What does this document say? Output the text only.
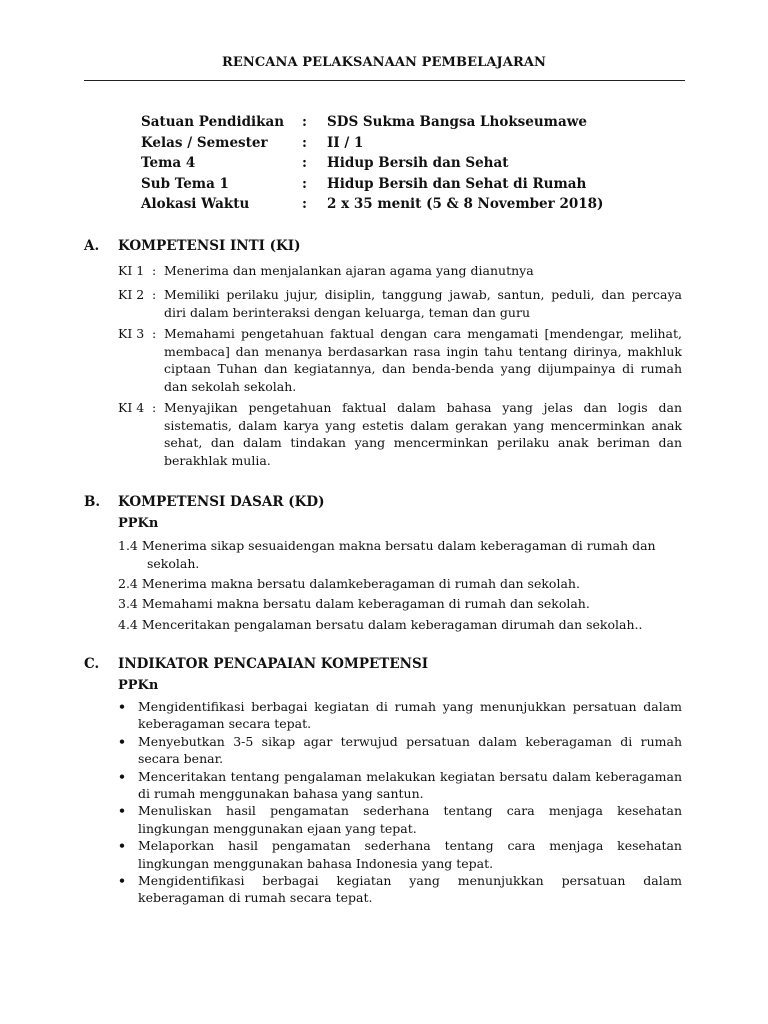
RENCANA PELAKSANAAN PEMBELAJARAN
Satuan Pendidikan : SDS Sukma Bangsa Lhokseumawe
Kelas / Semester	: II / 1
Tema 4	: Hidup Bersih dan Sehat
Sub Tema 1	: Hidup Bersih dan Sehat di Rumah
Alokasi Waktu	: 2 x 35 menit (5 & 8 November 2018)
A. KOMPETENSI INTI (KI)
KI 1 : Menerima dan menjalankan ajaran agama yang dianutnya
KI 2 : Memiliki perilaku jujur, disiplin, tanggung jawab, santun, peduli, dan percaya diri dalam berinteraksi dengan keluarga, teman dan guru
KI 3 : Memahami pengetahuan faktual dengan cara mengamati [mendengar, melihat, membaca] dan menanya berdasarkan rasa ingin tahu tentang dirinya, makhluk ciptaan Tuhan dan kegiatannya, dan benda-benda yang dijumpainya di rumah dan sekolah sekolah.
KI 4 : Menyajikan pengetahuan faktual dalam bahasa yang jelas dan logis dan sistematis, dalam karya yang estetis dalam gerakan yang mencerminkan anak sehat, dan dalam tindakan yang mencerminkan perilaku anak beriman dan berakhlak mulia.
B. KOMPETENSI DASAR (KD)
PPKn
1.4 Menerima sikap sesuaidengan makna bersatu dalam keberagaman di rumah dan sekolah.
2.4 Menerima makna bersatu dalamkeberagaman di rumah dan sekolah.
3.4 Memahami makna bersatu dalam keberagaman di rumah dan sekolah.
4.4 Menceritakan pengalaman bersatu dalam keberagaman dirumah dan sekolah..
C. INDIKATOR PENCAPAIAN KOMPETENSI
PPKn
• Mengidentifikasi berbagai kegiatan di rumah yang menunjukkan persatuan dalam keberagaman secara tepat.
• Menyebutkan 3-5 sikap agar terwujud persatuan dalam keberagaman di rumah secara benar.
• Menceritakan tentang pengalaman melakukan kegiatan bersatu dalam keberagaman di rumah menggunakan bahasa yang santun.
• Menuliskan hasil pengamatan sederhana tentang cara menjaga kesehatan lingkungan menggunakan ejaan yang tepat.
• Melaporkan hasil pengamatan sederhana tentang cara menjaga kesehatan lingkungan menggunakan bahasa Indonesia yang tepat.
• Mengidentifikasi berbagai kegiatan yang menunjukkan persatuan dalam keberagaman di rumah secara tepat.
